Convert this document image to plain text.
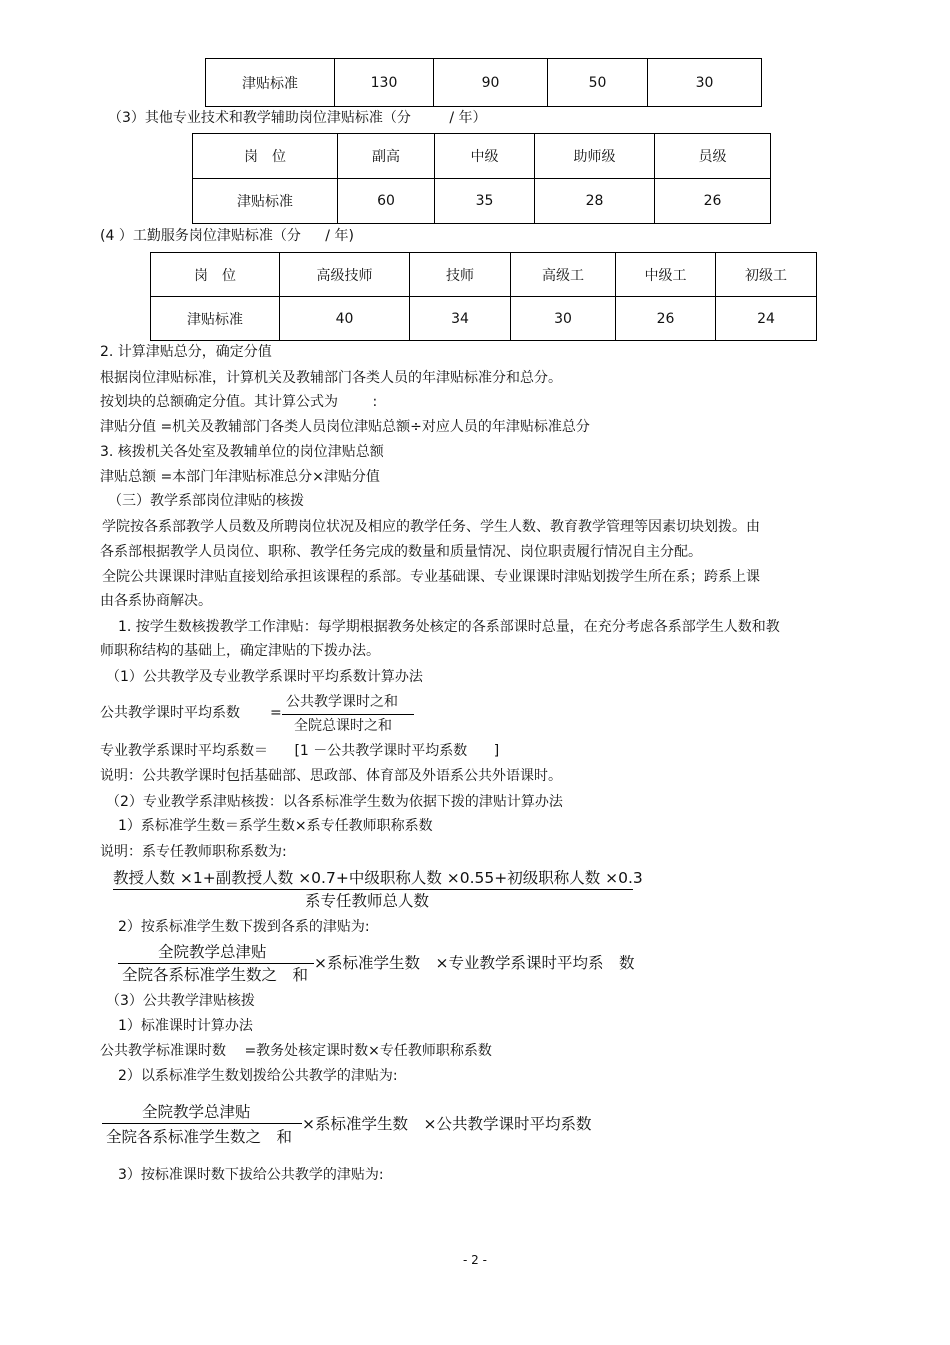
津贴标准	130	90	50	30
（3）其他专业技术和教学辅助岗位津贴标准（分	/ 年）
岗　位	副高	中级	助师级	员级
津贴标准	60	35	28	26
(4 ）工勤服务岗位津贴标准（分 / 年)
岗　位	高级技师	技师	高级工	中级工	初级工
津贴标准	40	34	30	26	24
2. 计算津贴总分，确定分值
根据岗位津贴标准，计算机关及教辅部门各类人员的年津贴标准分和总分。
按划块的总额确定分值。其计算公式为 :
津贴分值 =机关及教辅部门各类人员岗位津贴总额÷对应人员的年津贴标准总分
3. 核拨机关各处室及教辅单位的岗位津贴总额
津贴总额 =本部门年津贴标准总分×津贴分值
（三）教学系部岗位津贴的核拨
学院按各系部教学人员数及所聘岗位状况及相应的教学任务、学生人数、教育教学管理等因素切块划拨。由
各系部根据教学人员岗位、职称、教学任务完成的数量和质量情况、岗位职责履行情况自主分配。
全院公共课课时津贴直接划给承担该课程的系部。专业基础课、专业课课时津贴划拨学生所在系；跨系上课
由各系协商解决。
1. 按学生数核拨教学工作津贴：每学期根据教务处核定的各系部课时总量，在充分考虑各系部学生人数和教
师职称结构的基础上，确定津贴的下拨办法。
（1）公共教学及专业教学系课时平均系数计算办法
公共教学课时平均系数 =
公共教学课时之和
全院总课时之和
专业教学系课时平均系数＝ [1 －公共教学课时平均系数 ]
说明：公共教学课时包括基础部、思政部、体育部及外语系公共外语课时。
（2）专业教学系津贴核拨：以各系标准学生数为依据下拨的津贴计算办法
1）系标准学生数＝系学生数×系专任教师职称系数
说明：系专任教师职称系数为:
教授人数 ×1+副教授人数 ×0.7+中级职称人数 ×0.55+初级职称人数 ×0.3
系专任教师总人数
2）按系标准学生数下拨到各系的津贴为:
全院教学总津贴
全院各系标准学生数之　和
×系标准学生数　×专业教学系课时平均系　数
（3）公共教学津贴核拨
1）标准课时计算办法
公共教学标准课时数　 =教务处核定课时数×专任教师职称系数
2）以系标准学生数划拨给公共教学的津贴为:
全院教学总津贴
全院各系标准学生数之　和
×系标准学生数　×公共教学课时平均系数
3）按标准课时数下拔给公共教学的津贴为:
- 2 -
